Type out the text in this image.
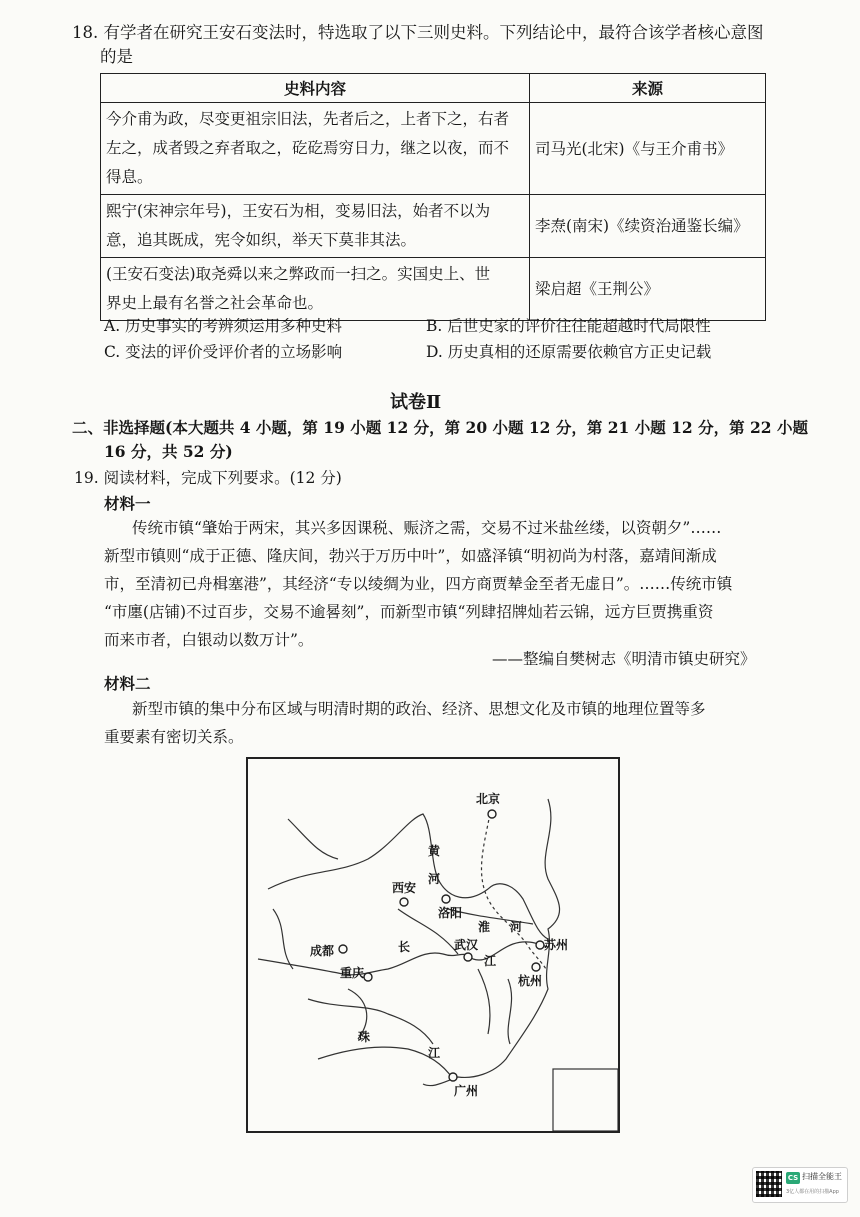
18. 有学者在研究王安石变法时，特选取了以下三则史料。下列结论中，最符合该学者核心意图
的是
史料内容	来源

今介甫为政，尽变更祖宗旧法，先者后之，上者下之，右者
左之，成者毁之弃者取之，矻矻焉穷日力，继之以夜，而不
得息。	司马光(北宋)《与王介甫书》

熙宁(宋神宗年号)，王安石为相，变易旧法，始者不以为
意，追其既成，宪令如织，举天下莫非其法。	李焘(南宋)《续资治通鉴长编》

(王安石变法)取尧舜以来之弊政而一扫之。实国史上、世
界史上最有名誉之社会革命也。	梁启超《王荆公》
A. 历史事实的考辨须运用多种史料	B. 后世史家的评价往往能超越时代局限性
C. 变法的评价受评价者的立场影响	D. 历史真相的还原需要依赖官方正史记载
试卷Ⅱ
二、非选择题(本大题共 4 小题，第 19 小题 12 分，第 20 小题 12 分，第 21 小题 12 分，第 22 小题
16 分，共 52 分)
19. 阅读材料，完成下列要求。(12 分)
材料一
传统市镇“肇始于两宋，其兴多因课税、赈济之需，交易不过米盐丝缕，以资朝夕”……
新型市镇则“成于正德、隆庆间，勃兴于万历中叶”，如盛泽镇“明初尚为村落，嘉靖间渐成
市，至清初已舟楫塞港”，其经济“专以绫绸为业，四方商贾辇金至者无虚日”。……传统市镇
“市廛(店铺)不过百步，交易不逾晷刻”，而新型市镇“列肆招牌灿若云锦，远方巨贾携重资
而来市者，白银动以数万计”。
——整编自樊树志《明清市镇史研究》
材料二
新型市镇的集中分布区域与明清时期的政治、经济、思想文化及市镇的地理位置等多
重要素有密切关系。
北京
西安
洛阳
成都
重庆
武汉	苏州
杭州
广州
黄
河
淮 河
长
江
珠
江
CS 扫描全能王
3亿人都在用的扫描App
